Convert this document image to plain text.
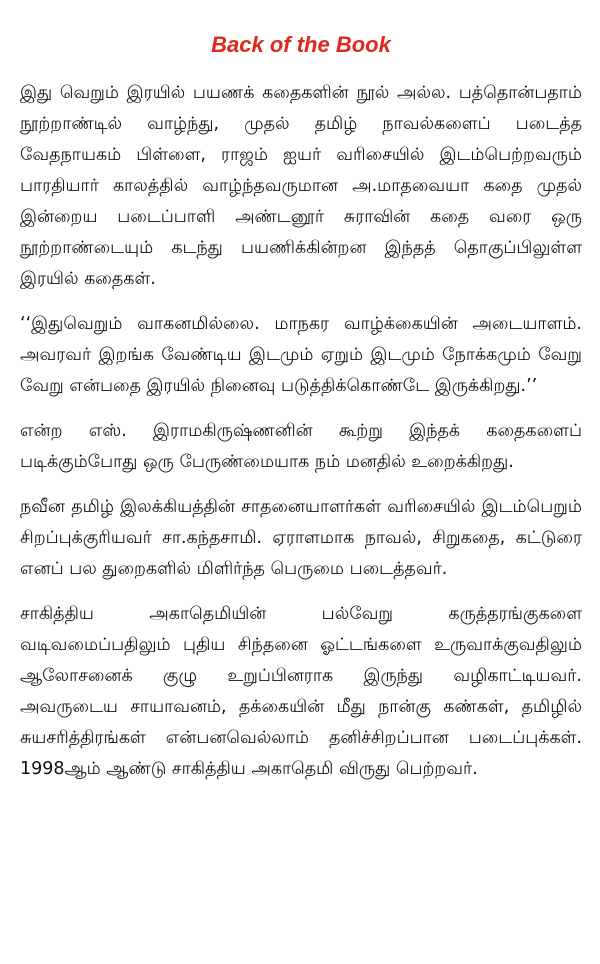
Back of the Book

இது வெறும் இரயில் பயணக் கதைகளின் நூல் அல்ல. பத்தொன்பதாம் நூற்றாண்டில் வாழ்ந்து, முதல் தமிழ் நாவல்களைப் படைத்த வேதநாயகம் பிள்ளை, ராஜம் ஐயர் வரிசையில் இடம்பெற்றவரும் பாரதியார் காலத்தில் வாழ்ந்தவருமான அ.மாதவையா கதை முதல் இன்றைய படைப்பாளி அண்டனூர் சுராவின் கதை வரை ஒரு நூற்றாண்டையும் கடந்து பயணிக்கின்றன இந்தத் தொகுப்பிலுள்ள இரயில் கதைகள்.

‘‘இதுவெறும் வாகனமில்லை. மாநகர வாழ்க்கையின் அடையாளம். அவரவர் இறங்க வேண்டிய இடமும் ஏறும் இடமும் நோக்கமும் வேறு வேறு என்பதை இரயில் நினைவு படுத்திக்கொண்டே இருக்கிறது.’’

என்ற எஸ். இராமகிருஷ்ணனின் கூற்று இந்தக் கதைகளைப் படிக்கும்போது ஒரு பேருண்மையாக நம் மனதில் உறைக்கிறது.

நவீன தமிழ் இலக்கியத்தின் சாதனையாளர்கள் வரிசையில் இடம்பெறும் சிறப்புக்குரியவர் சா.கந்தசாமி. ஏராளமாக நாவல், சிறுகதை, கட்டுரை எனப் பல துறைகளில் மிளிர்ந்த பெருமை படைத்தவர்.

சாகித்திய அகாதெமியின் பல்வேறு கருத்தரங்குகளை வடிவமைப்பதிலும் புதிய சிந்தனை ஓட்டங்களை உருவாக்குவதிலும் ஆலோசனைக் குழு உறுப்பினராக இருந்து வழிகாட்டியவர். அவருடைய சாயாவனம், தக்கையின் மீது நான்கு கண்கள், தமிழில் சுயசரித்திரங்கள் என்பனவெல்லாம் தனிச்சிறப்பான படைப்புக்கள். 1998ஆம் ஆண்டு சாகித்திய அகாதெமி விருது பெற்றவர்.
